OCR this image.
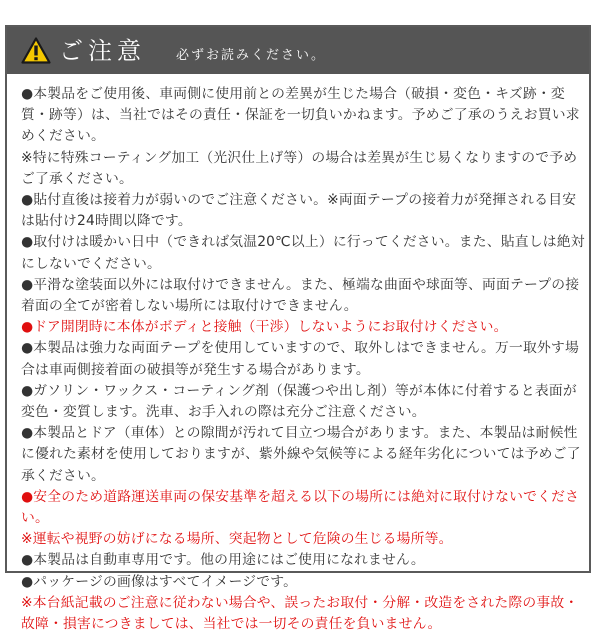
ご注意 必ずお読みください。

●本製品をご使用後、車両側に使用前との差異が生じた場合（破損・変色・キズ跡・変質・跡等）は、当社ではその責任・保証を一切負いかねます。予めご了承のうえお買い求めください。

※特に特殊コーティング加工（光沢仕上げ等）の場合は差異が生じ易くなりますので予めご了承ください。

●貼付直後は接着力が弱いのでご注意ください。※両面テープの接着力が発揮される目安は貼付け24時間以降です。

●取付けは暖かい日中（できれば気温20℃以上）に行ってください。また、貼直しは絶対にしないでください。

●平滑な塗装面以外には取付けできません。また、極端な曲面や球面等、両面テープの接着面の全てが密着しない場所には取付けできません。

●ドア開閉時に本体がボディと接触（干渉）しないようにお取付けください。

●本製品は強力な両面テープを使用していますので、取外しはできません。万一取外す場合は車両側接着面の破損等が発生する場合があります。

●ガソリン・ワックス・コーティング剤（保護つや出し剤）等が本体に付着すると表面が変色・変質します。洗車、お手入れの際は充分ご注意ください。

●本製品とドア（車体）との隙間が汚れて目立つ場合があります。また、本製品は耐候性に優れた素材を使用しておりますが、紫外線や気候等による経年劣化については予めご了承ください。

●安全のため道路運送車両の保安基準を超える以下の場所には絶対に取付けないでください。

※運転や視野の妨げになる場所、突起物として危険の生じる場所等。

●本製品は自動車専用です。他の用途にはご使用になれません。

●パッケージの画像はすべてイメージです。

※本台紙記載のご注意に従わない場合や、誤ったお取付・分解・改造をされた際の事故・故障・損害につきましては、当社では一切その責任を負いません。
